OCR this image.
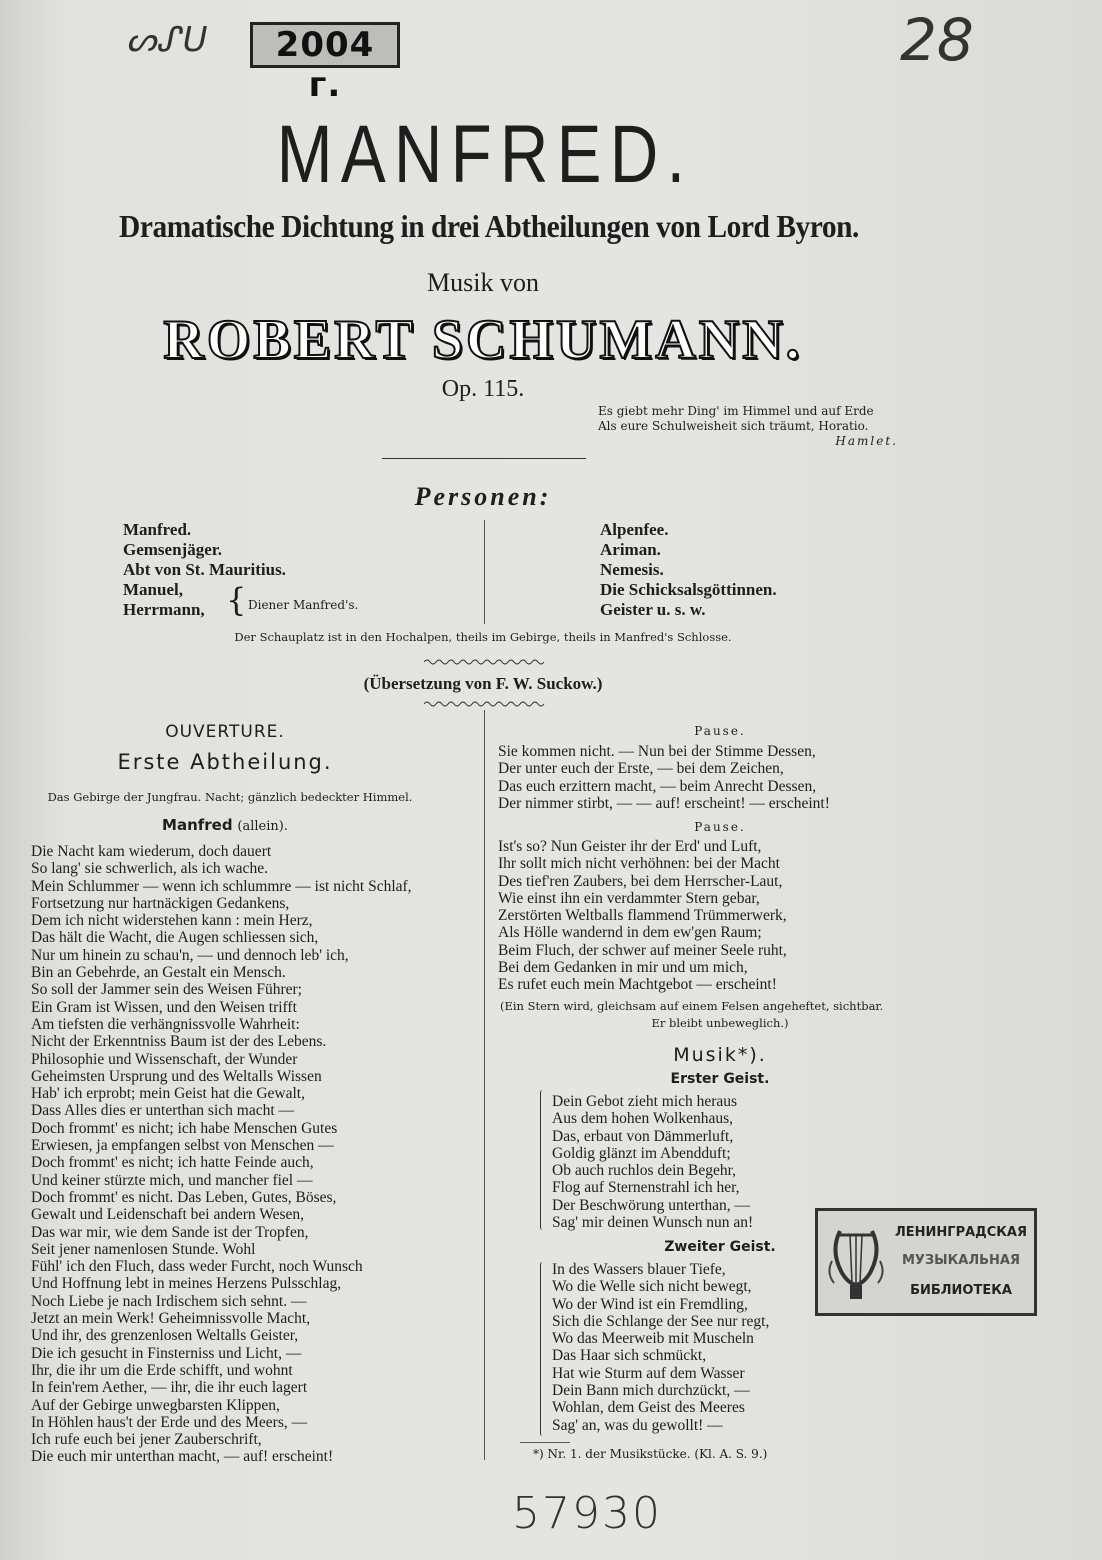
ᔕᔑᑌ	2004 г.
28
MANFRED.
Dramatische Dichtung in drei Abtheilungen von Lord Byron.
Musik von
ROBERT SCHUMANN.
Op. 115.
Es giebt mehr Ding' im Himmel und auf Erde
Als eure Schulweisheit sich träumt, Horatio.
Hamlet.
Personen:
Manfred.
Gemsenjäger.
Abt von St. Mauritius.
Manuel,
Herrmann, { Diener Manfred's.
Alpenfee.
Ariman.
Nemesis.
Die Schicksalsgöttinnen.
Geister u. s. w.
Der Schauplatz ist in den Hochalpen, theils im Gebirge, theils in Manfred's Schlosse.
(Übersetzung von F. W. Suckow.)
OUVERTURE.
Erste Abtheilung.
Das Gebirge der Jungfrau. Nacht; gänzlich bedeckter Himmel.
Manfred (allein).
Die Nacht kam wiederum, doch dauert
So lang' sie schwerlich, als ich wache.
Mein Schlummer — wenn ich schlummre — ist nicht Schlaf,
Fortsetzung nur hartnäckigen Gedankens,
Dem ich nicht widerstehen kann : mein Herz,
Das hält die Wacht, die Augen schliessen sich,
Nur um hinein zu schau'n, — und dennoch leb' ich,
Bin an Gebehrde, an Gestalt ein Mensch.
So soll der Jammer sein des Weisen Führer;
Ein Gram ist Wissen, und den Weisen trifft
Am tiefsten die verhängnissvolle Wahrheit:
Nicht der Erkenntniss Baum ist der des Lebens.
Philosophie und Wissenschaft, der Wunder
Geheimsten Ursprung und des Weltalls Wissen
Hab' ich erprobt; mein Geist hat die Gewalt,
Dass Alles dies er unterthan sich macht —
Doch frommt' es nicht; ich habe Menschen Gutes
Erwiesen, ja empfangen selbst von Menschen —
Doch frommt' es nicht; ich hatte Feinde auch,
Und keiner stürzte mich, und mancher fiel —
Doch frommt' es nicht. Das Leben, Gutes, Böses,
Gewalt und Leidenschaft bei andern Wesen,
Das war mir, wie dem Sande ist der Tropfen,
Seit jener namenlosen Stunde. Wohl
Fühl' ich den Fluch, dass weder Furcht, noch Wunsch
Und Hoffnung lebt in meines Herzens Pulsschlag,
Noch Liebe je nach Irdischem sich sehnt. —
Jetzt an mein Werk! Geheimnissvolle Macht,
Und ihr, des grenzenlosen Weltalls Geister,
Die ich gesucht in Finsterniss und Licht, —
Ihr, die ihr um die Erde schifft, und wohnt
In fein'rem Aether, — ihr, die ihr euch lagert
Auf der Gebirge unwegbarsten Klippen,
In Höhlen haus't der Erde und des Meers, —
Ich rufe euch bei jener Zauberschrift,
Die euch mir unterthan macht, — auf! erscheint!
Pause.
Sie kommen nicht. — Nun bei der Stimme Dessen,
Der unter euch der Erste, — bei dem Zeichen,
Das euch erzittern macht, — beim Anrecht Dessen,
Der nimmer stirbt, — — auf! erscheint! — erscheint!
Pause.
Ist's so? Nun Geister ihr der Erd' und Luft,
Ihr sollt mich nicht verhöhnen: bei der Macht
Des tief'ren Zaubers, bei dem Herrscher-Laut,
Wie einst ihn ein verdammter Stern gebar,
Zerstörten Weltballs flammend Trümmerwerk,
Als Hölle wandernd in dem ew'gen Raum;
Beim Fluch, der schwer auf meiner Seele ruht,
Bei dem Gedanken in mir und um mich,
Es rufet euch mein Machtgebot — erscheint!
(Ein Stern wird, gleichsam auf einem Felsen angeheftet, sichtbar.
Er bleibt unbeweglich.)
Musik*).
Erster Geist.
Dein Gebot zieht mich heraus
Aus dem hohen Wolkenhaus,
Das, erbaut von Dämmerluft,
Goldig glänzt im Abendduft;
Ob auch ruchlos dein Begehr,
Flog auf Sternenstrahl ich her,
Der Beschwörung unterthan, —
Sag' mir deinen Wunsch nun an!
Zweiter Geist.
In des Wassers blauer Tiefe,
Wo die Welle sich nicht bewegt,
Wo der Wind ist ein Fremdling,
Sich die Schlange der See nur regt,
Wo das Meerweib mit Muscheln
Das Haar sich schmückt,
Hat wie Sturm auf dem Wasser
Dein Bann mich durchzückt, —
Wohlan, dem Geist des Meeres
Sag' an, was du gewollt! —
*) Nr. 1. der Musikstücke. (Kl. A. S. 9.)
ЛЕНИНГРАДСКАЯ
МУЗЫКАЛЬНАЯ
БИБЛИОТЕКА
57930
